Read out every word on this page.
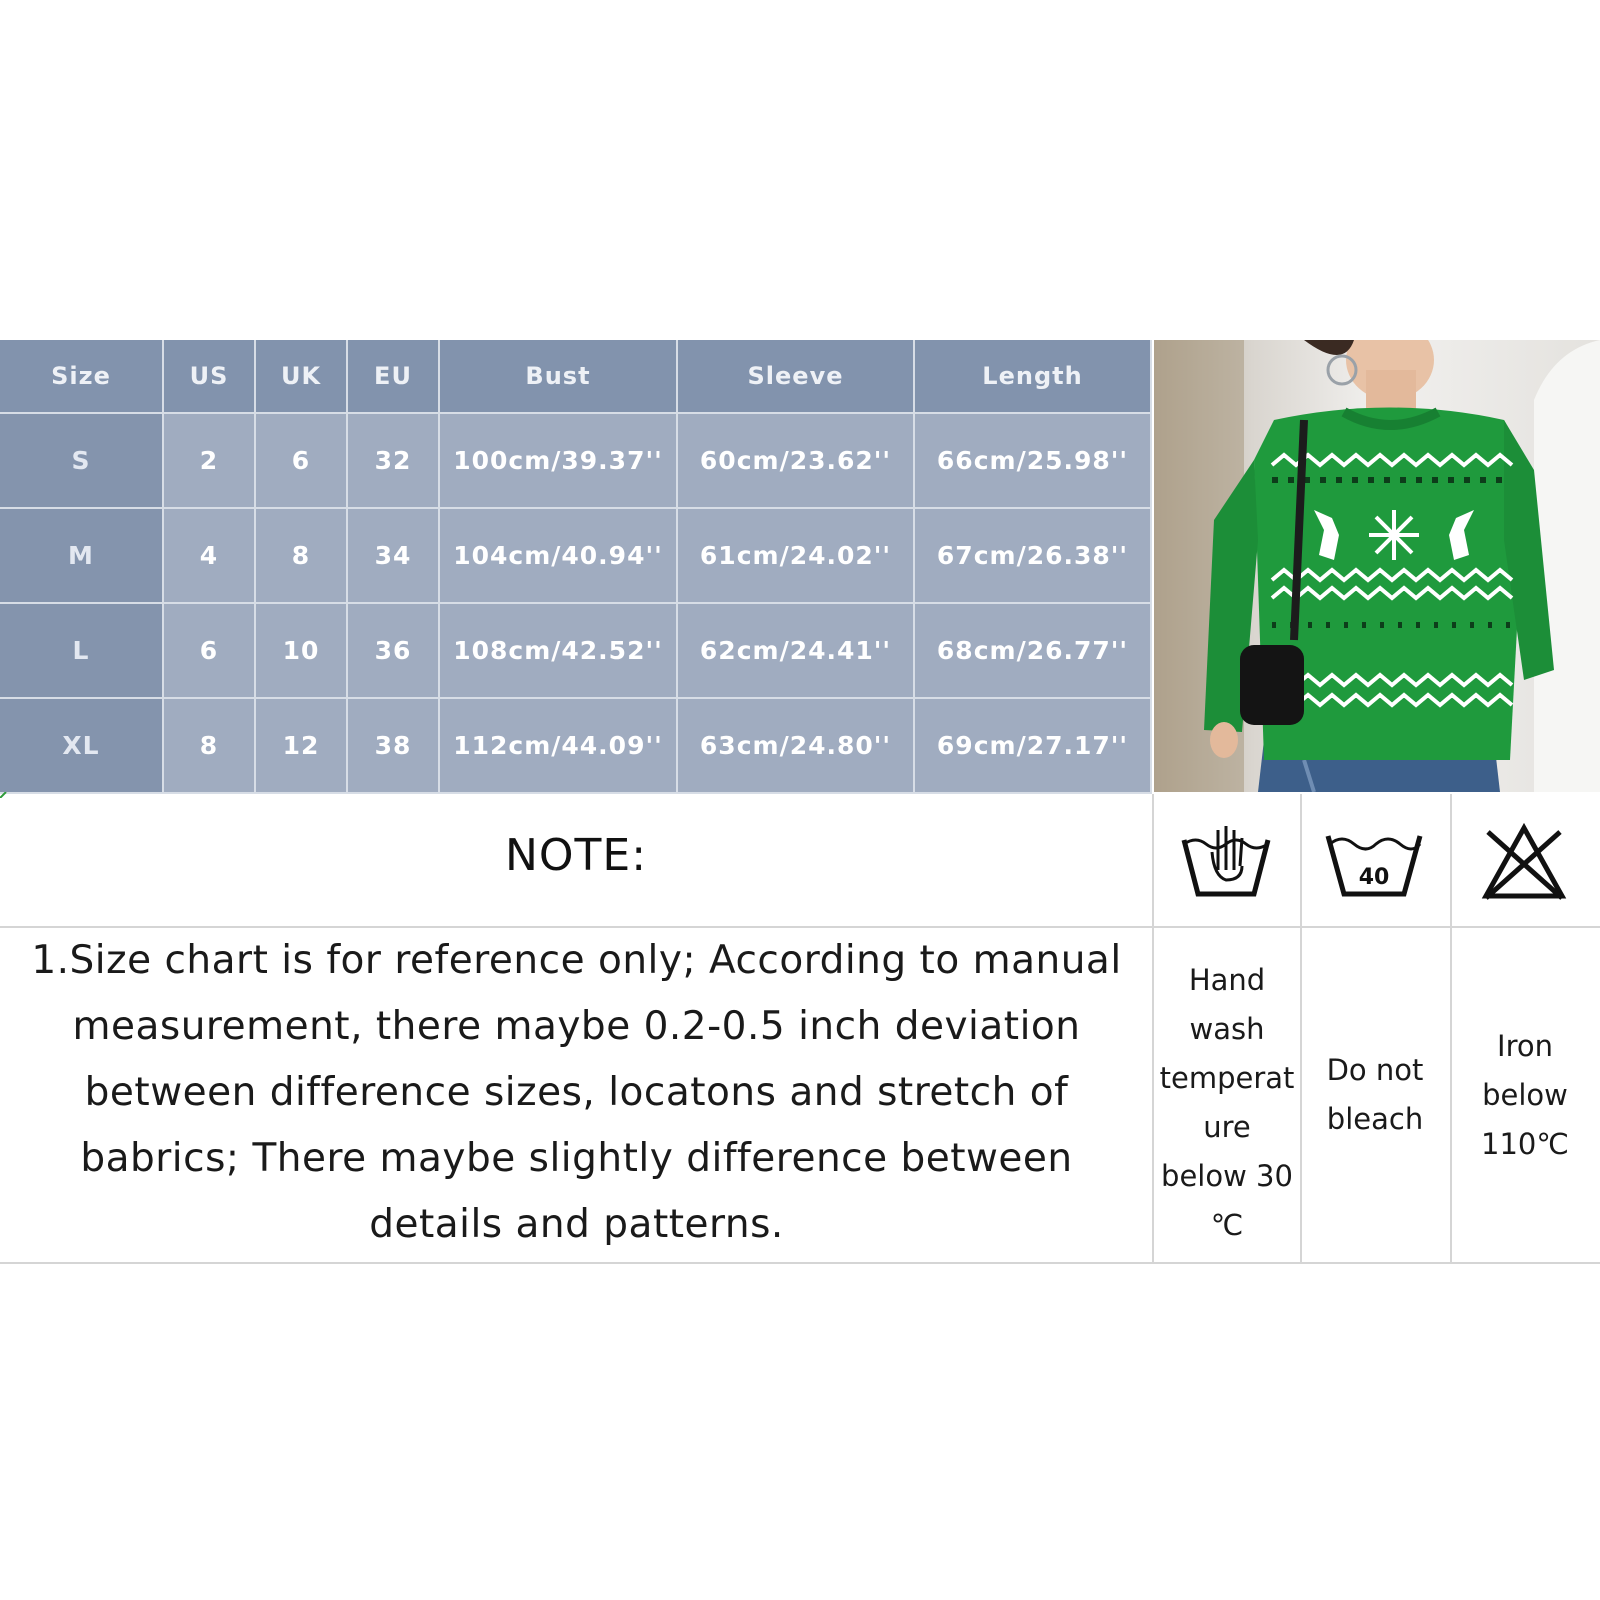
Size	US	UK	EU	Bust	Sleeve	Length
S	2	6	32	100cm/39.37''	60cm/23.62''	66cm/25.98''
M	4	8	34	104cm/40.94''	61cm/24.02''	67cm/26.38''
L	6	10	36	108cm/42.52''	62cm/24.41''	68cm/26.77''
XL	8	12	38	112cm/44.09''	63cm/24.80''	69cm/27.17''
NOTE:

1.Size chart is for reference only; According to manual measurement, there maybe 0.2-0.5 inch deviation between difference sizes, locatons and stretch of babrics; There maybe slightly difference between details and patterns.

40

Hand
wash
temperat
ure
below 30
℃

Do not
bleach

Iron
below
110℃
